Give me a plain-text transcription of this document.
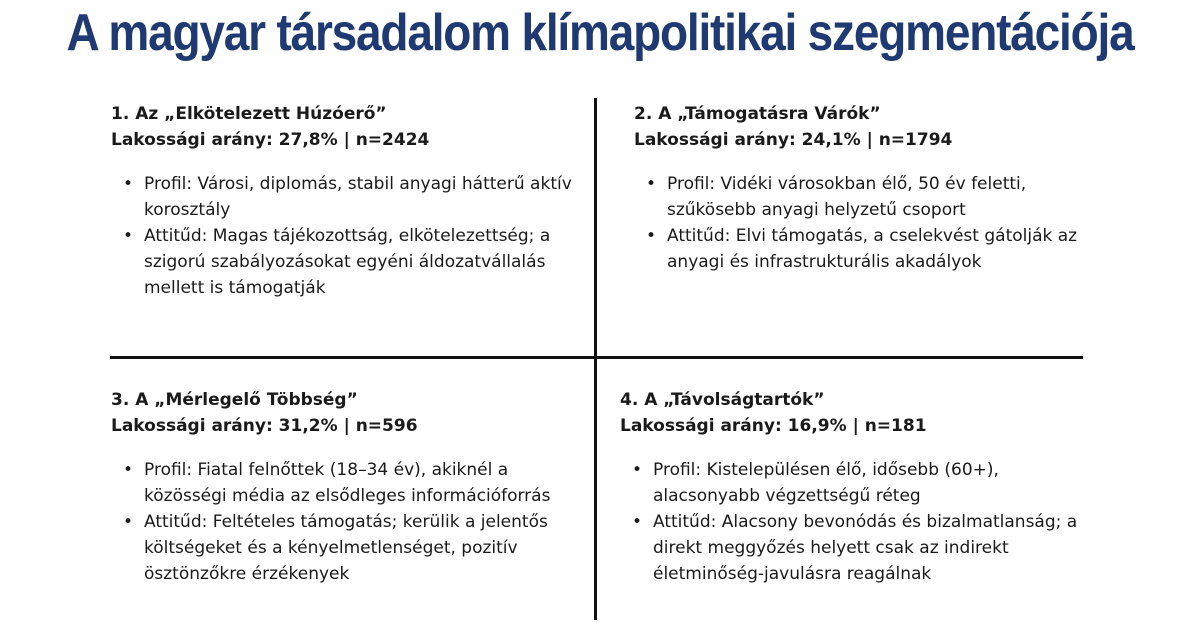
A magyar társadalom klímapolitikai szegmentációja
1. Az „Elkötelezett Húzóerő”
Lakossági arány: 27,8% | n=2424
• Profil: Városi, diplomás, stabil anyagi hátterű aktív korosztály
• Attitűd: Magas tájékozottság, elkötelezettség; a szigorú szabályozásokat egyéni áldozatvállalás mellett is támogatják
2. A „Támogatásra Várók”
Lakossági arány: 24,1% | n=1794
• Profil: Vidéki városokban élő, 50 év feletti, szűkösebb anyagi helyzetű csoport
• Attitűd: Elvi támogatás, a cselekvést gátolják az anyagi és infrastrukturális akadályok
3. A „Mérlegelő Többség”
Lakossági arány: 31,2% | n=596
• Profil: Fiatal felnőttek (18–34 év), akiknél a közösségi média az elsődleges információforrás
• Attitűd: Feltételes támogatás; kerülik a jelentős költségeket és a kényelmetlenséget, pozitív ösztönzőkre érzékenyek
4. A „Távolságtartók”
Lakossági arány: 16,9% | n=181
• Profil: Kistelepülésen élő, idősebb (60+), alacsonyabb végzettségű réteg
• Attitűd: Alacsony bevonódás és bizalmatlanság; a direkt meggyőzés helyett csak az indirekt életminőség-javulásra reagálnak
